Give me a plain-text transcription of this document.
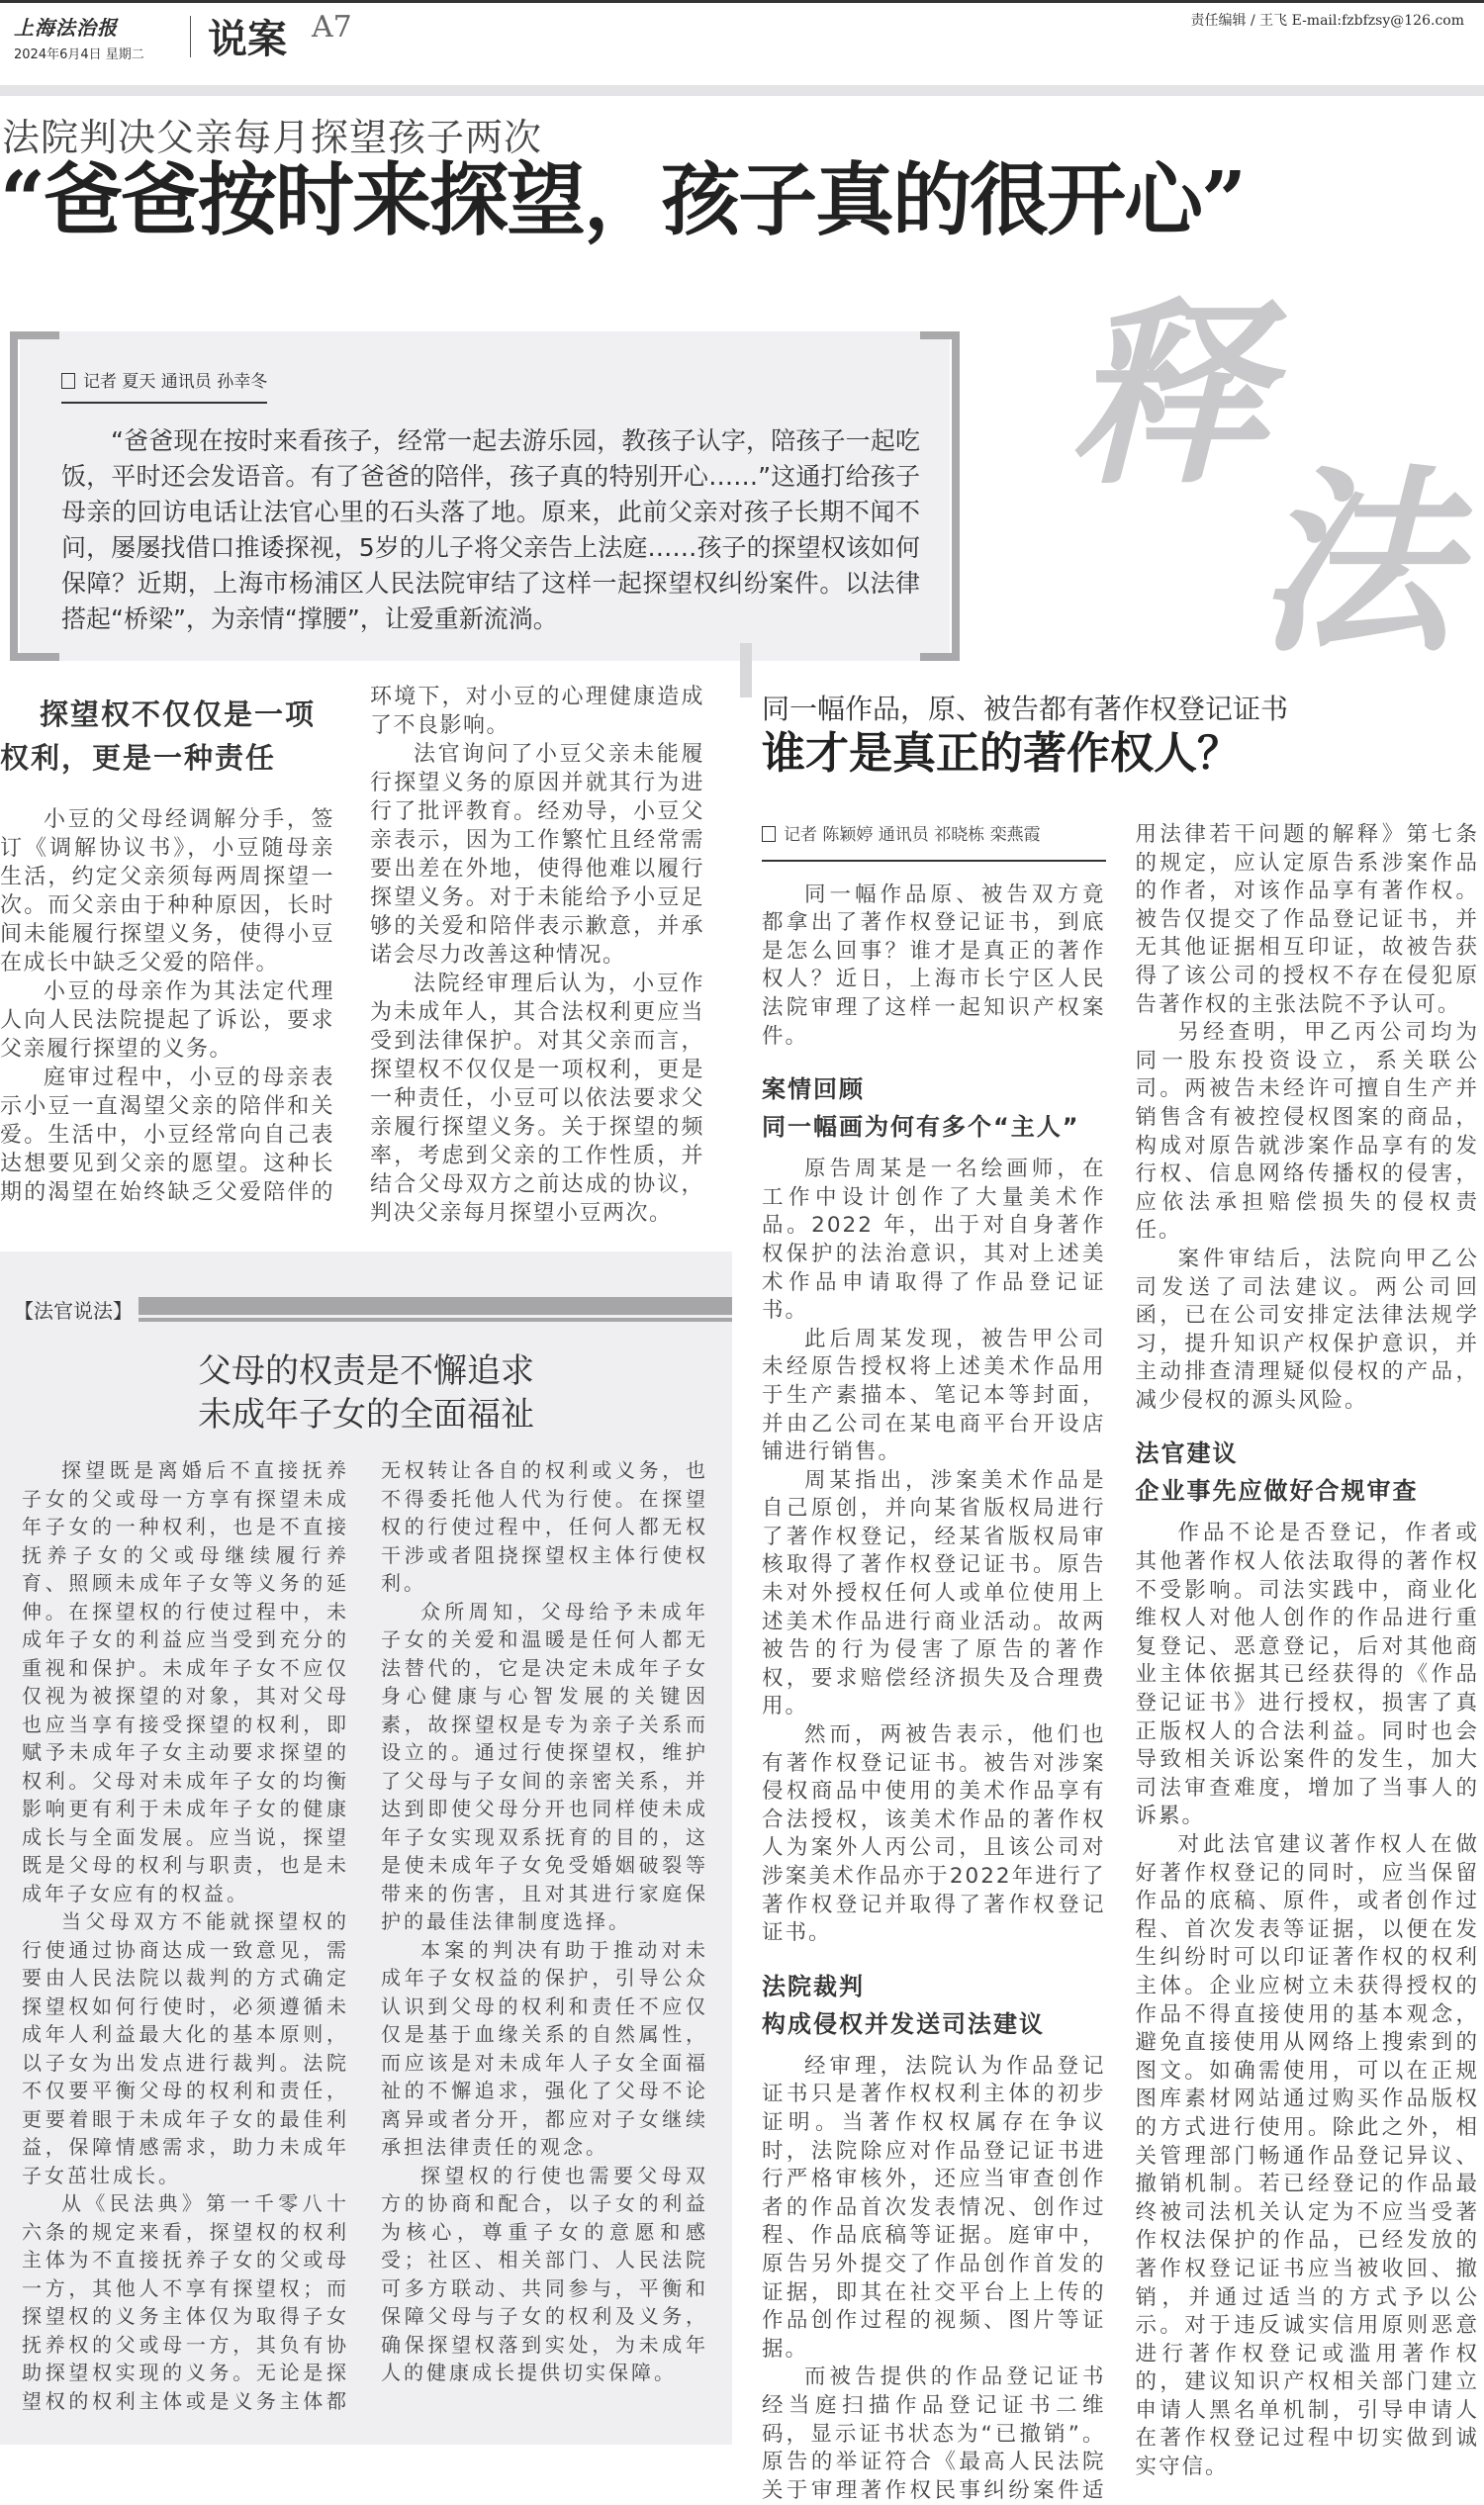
上海法治报
2024年6月4日 星期二 说案 A7	责任编辑 / 王飞 E-mail:fzbfzsy@126.com
法院判决父亲每月探望孩子两次
“爸爸按时来探望，孩子真的很开心”
释
法
记者 夏天 通讯员 孙幸冬
“爸爸现在按时来看孩子，经常一起去游乐园，教孩子认字，陪孩子一起吃饭，平时还会发语音。有了爸爸的陪伴，孩子真的特别开心……”这通打给孩子母亲的回访电话让法官心里的石头落了地。原来，此前父亲对孩子长期不闻不问，屡屡找借口推诿探视，5岁的儿子将父亲告上法庭……孩子的探望权该如何保障？近期，上海市杨浦区人民法院审结了这样一起探望权纠纷案件。以法律搭起“桥梁”，为亲情“撑腰”，让爱重新流淌。
探望权不仅仅是一项
权利，更是一种责任

小豆的父母经调解分手，签订《调解协议书》，小豆随母亲生活，约定父亲须每两周探望一次。而父亲由于种种原因，长时间未能履行探望义务，使得小豆在成长中缺乏父爱的陪伴。

小豆的母亲作为其法定代理人向人民法院提起了诉讼，要求父亲履行探望的义务。

庭审过程中，小豆的母亲表示小豆一直渴望父亲的陪伴和关爱。生活中，小豆经常向自己表达想要见到父亲的愿望。这种长期的渴望在始终缺乏父爱陪伴的环境下，对小豆的心理健康造成了不良影响。

法官询问了小豆父亲未能履行探望义务的原因并就其行为进行了批评教育。经劝导，小豆父亲表示，因为工作繁忙且经常需要出差在外地，使得他难以履行探望义务。对于未能给予小豆足够的关爱和陪伴表示歉意，并承诺会尽力改善这种情况。

法院经审理后认为，小豆作为未成年人，其合法权利更应当受到法律保护。对其父亲而言，探望权不仅仅是一项权利，更是一种责任，小豆可以依法要求父亲履行探望义务。关于探望的频率，考虑到父亲的工作性质，并结合父母双方之前达成的协议，判决父亲每月探望小豆两次。

【法官说法】
父母的权责是不懈追求
未成年子女的全面福祉

探望既是离婚后不直接抚养子女的父或母一方享有探望未成年子女的一种权利，也是不直接抚养子女的父或母继续履行养育、照顾未成年子女等义务的延伸。在探望权的行使过程中，未成年子女的利益应当受到充分的重视和保护。未成年子女不应仅仅视为被探望的对象，其对父母也应当享有接受探望的权利，即赋予未成年子女主动要求探望的权利。父母对未成年子女的均衡影响更有利于未成年子女的健康成长与全面发展。应当说，探望既是父母的权利与职责，也是未成年子女应有的权益。

当父母双方不能就探望权的行使通过协商达成一致意见，需要由人民法院以裁判的方式确定探望权如何行使时，必须遵循未成年人利益最大化的基本原则，以子女为出发点进行裁判。法院不仅要平衡父母的权利和责任，更要着眼于未成年子女的最佳利益，保障情感需求，助力未成年子女茁壮成长。

从《民法典》第一千零八十六条的规定来看，探望权的权利主体为不直接抚养子女的父或母一方，其他人不享有探望权；而探望权的义务主体仅为取得子女抚养权的父或母一方，其负有协助探望权实现的义务。无论是探望权的权利主体或是义务主体都无权转让各自的权利或义务，也不得委托他人代为行使。在探望权的行使过程中，任何人都无权干涉或者阻挠探望权主体行使权利。

众所周知，父母给予未成年子女的关爱和温暖是任何人都无法替代的，它是决定未成年子女身心健康与心智发展的关键因素，故探望权是专为亲子关系而设立的。通过行使探望权，维护了父母与子女间的亲密关系，并达到即使父母分开也同样使未成年子女实现双系抚育的目的，这是使未成年子女免受婚姻破裂等带来的伤害，且对其进行家庭保护的最佳法律制度选择。

本案的判决有助于推动对未成年子女权益的保护，引导公众认识到父母的权利和责任不应仅仅是基于血缘关系的自然属性，而应该是对未成年人子女全面福祉的不懈追求，强化了父母不论离异或者分开，都应对子女继续承担法律责任的观念。

探望权的行使也需要父母双方的协商和配合，以子女的利益为核心，尊重子女的意愿和感受；社区、相关部门、人民法院可多方联动、共同参与，平衡和保障父母与子女的权利及义务，确保探望权落到实处，为未成年人的健康成长提供切实保障。

同一幅作品，原、被告都有著作权登记证书
谁才是真正的著作权人？
记者 陈颖婷 通讯员 祁晓栋 栾燕霞

同一幅作品原、被告双方竟都拿出了著作权登记证书，到底是怎么回事？谁才是真正的著作权人？近日，上海市长宁区人民法院审理了这样一起知识产权案件。

案情回顾
同一幅画为何有多个“主人”

原告周某是一名绘画师，在工作中设计创作了大量美术作品。2022 年，出于对自身著作权保护的法治意识，其对上述美术作品申请取得了作品登记证书。

此后周某发现，被告甲公司未经原告授权将上述美术作品用于生产素描本、笔记本等封面，并由乙公司在某电商平台开设店铺进行销售。

周某指出，涉案美术作品是自己原创，并向某省版权局进行了著作权登记，经某省版权局审核取得了著作权登记证书。原告未对外授权任何人或单位使用上述美术作品进行商业活动。故两被告的行为侵害了原告的著作权，要求赔偿经济损失及合理费用。

然而，两被告表示，他们也有著作权登记证书。被告对涉案侵权商品中使用的美术作品享有合法授权，该美术作品的著作权人为案外人丙公司，且该公司对涉案美术作品亦于2022年进行了著作权登记并取得了著作权登记证书。

法院裁判
构成侵权并发送司法建议

经审理，法院认为作品登记证书只是著作权权利主体的初步证明。当著作权权属存在争议时，法院除应对作品登记证书进行严格审核外，还应当审查创作者的作品首次发表情况、创作过程、作品底稿等证据。庭审中，原告另外提交了作品创作首发的证据，即其在社交平台上上传的作品创作过程的视频、图片等证据。

而被告提供的作品登记证书经当庭扫描作品登记证书二维码，显示证书状态为“已撤销”。原告的举证符合《最高人民法院关于审理著作权民事纠纷案件适用法律若干问题的解释》第七条的规定，应认定原告系涉案作品的作者，对该作品享有著作权。被告仅提交了作品登记证书，并无其他证据相互印证，故被告获得了该公司的授权不存在侵犯原告著作权的主张法院不予认可。

另经查明，甲乙丙公司均为同一股东投资设立，系关联公司。两被告未经许可擅自生产并销售含有被控侵权图案的商品，构成对原告就涉案作品享有的发行权、信息网络传播权的侵害，应依法承担赔偿损失的侵权责任。

案件审结后，法院向甲乙公司发送了司法建议。两公司回函，已在公司安排定法律法规学习，提升知识产权保护意识，并主动排查清理疑似侵权的产品，减少侵权的源头风险。

法官建议
企业事先应做好合规审查

作品不论是否登记，作者或其他著作权人依法取得的著作权不受影响。司法实践中，商业化维权人对他人创作的作品进行重复登记、恶意登记，后对其他商业主体依据其已经获得的《作品登记证书》进行授权，损害了真正版权人的合法利益。同时也会导致相关诉讼案件的发生，加大司法审查难度，增加了当事人的诉累。

对此法官建议著作权人在做好著作权登记的同时，应当保留作品的底稿、原件，或者创作过程、首次发表等证据，以便在发生纠纷时可以印证著作权的权利主体。企业应树立未获得授权的作品不得直接使用的基本观念，避免直接使用从网络上搜索到的图文。如确需使用，可以在正规图库素材网站通过购买作品版权的方式进行使用。除此之外，相关管理部门畅通作品登记异议、撤销机制。若已经登记的作品最终被司法机关认定为不应当受著作权法保护的作品，已经发放的著作权登记证书应当被收回、撤销，并通过适当的方式予以公示。对于违反诚实信用原则恶意进行著作权登记或滥用著作权的，建议知识产权相关部门建立申请人黑名单机制，引导申请人在著作权登记过程中切实做到诚实守信。
